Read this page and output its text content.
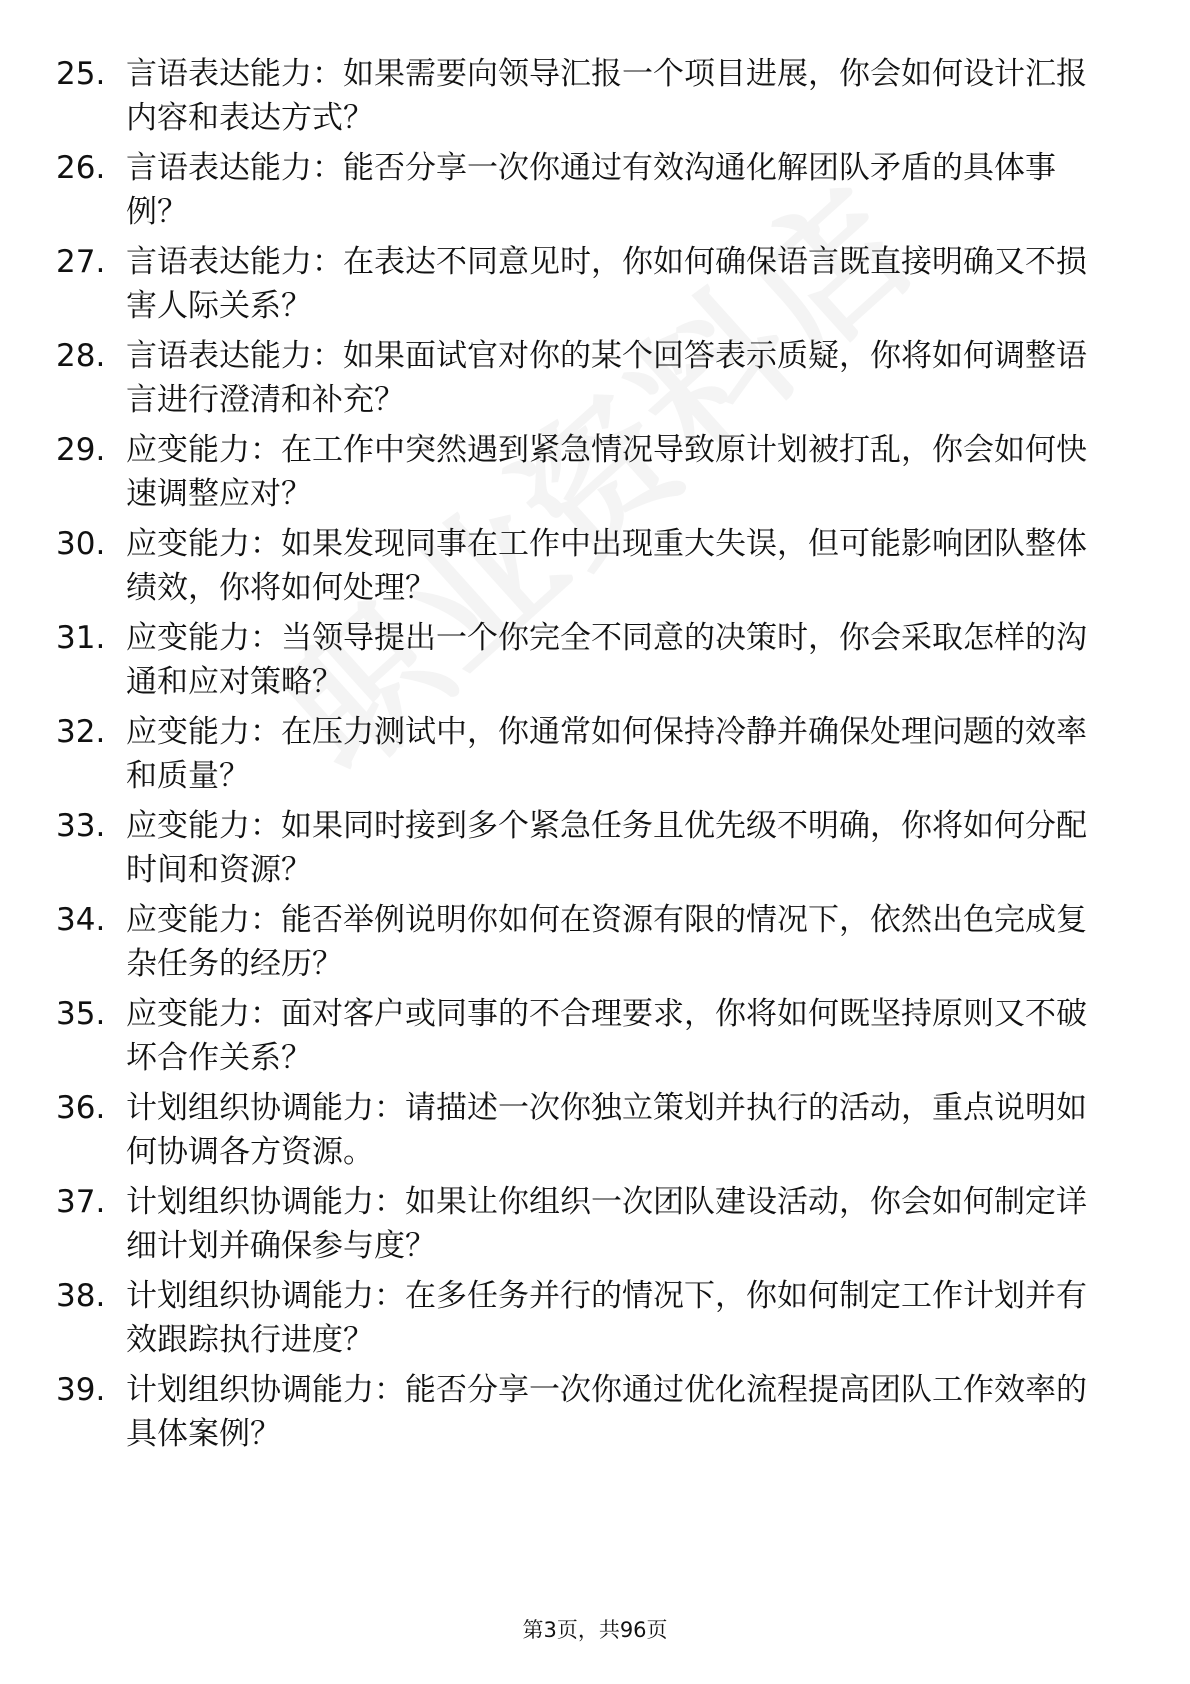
25. 言语表达能力：如果需要向领导汇报一个项目进展，你会如何设计汇报内容和表达方式？
26. 言语表达能力：能否分享一次你通过有效沟通化解团队矛盾的具体事例？
27. 言语表达能力：在表达不同意见时，你如何确保语言既直接明确又不损害人际关系？
28. 言语表达能力：如果面试官对你的某个回答表示质疑，你将如何调整语言进行澄清和补充？
29. 应变能力：在工作中突然遇到紧急情况导致原计划被打乱，你会如何快速调整应对？
30. 应变能力：如果发现同事在工作中出现重大失误，但可能影响团队整体绩效，你将如何处理？
31. 应变能力：当领导提出一个你完全不同意的决策时，你会采取怎样的沟通和应对策略？
32. 应变能力：在压力测试中，你通常如何保持冷静并确保处理问题的效率和质量？
33. 应变能力：如果同时接到多个紧急任务且优先级不明确，你将如何分配时间和资源？
34. 应变能力：能否举例说明你如何在资源有限的情况下，依然出色完成复杂任务的经历？
35. 应变能力：面对客户或同事的不合理要求，你将如何既坚持原则又不破坏合作关系？
36. 计划组织协调能力：请描述一次你独立策划并执行的活动，重点说明如何协调各方资源。
37. 计划组织协调能力：如果让你组织一次团队建设活动，你会如何制定详细计划并确保参与度？
38. 计划组织协调能力：在多任务并行的情况下，你如何制定工作计划并有效跟踪执行进度？
39. 计划组织协调能力：能否分享一次你通过优化流程提高团队工作效率的具体案例？
第3页，共96页
